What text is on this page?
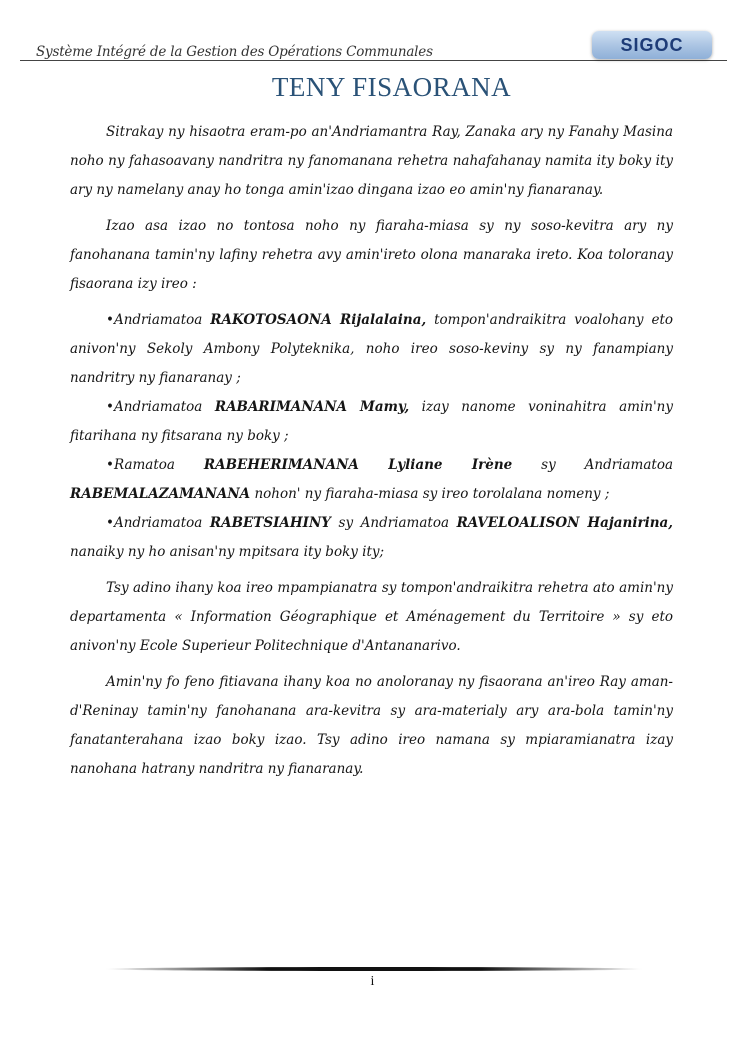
Système Intégré de la Gestion des Opérations Communales	SIGOC
TENY FISAORANA

Sitrakay ny hisaotra eram-po an'Andriamantra Ray, Zanaka ary ny Fanahy Masina noho ny fahasoavany nandritra ny fanomanana rehetra nahafahanay namita ity boky ity ary ny namelany anay ho tonga amin'izao dingana izao eo amin'ny fianaranay.

Izao asa izao no tontosa noho ny fiaraha-miasa sy ny soso-kevitra ary ny fanohanana tamin'ny lafiny rehetra avy amin'ireto olona manaraka ireto. Koa toloranay fisaorana izy ireo :

•Andriamatoa RAKOTOSAONA Rijalalaina, tompon'andraikitra voalohany eto anivon'ny Sekoly Ambony Polyteknika, noho ireo soso-keviny sy ny fanampiany nandritry ny fianaranay ;

•Andriamatoa RABARIMANANA Mamy, izay nanome voninahitra amin'ny fitarihana ny fitsarana ny boky ;

•Ramatoa RABEHERIMANANA Lyliane Irène sy Andriamatoa RABEMALAZAMANANA nohon' ny fiaraha-miasa sy ireo torolalana nomeny ;

•Andriamatoa RABETSIAHINY sy Andriamatoa RAVELOALISON Hajanirina, nanaiky ny ho anisan'ny mpitsara ity boky ity;

Tsy adino ihany koa ireo mpampianatra sy tompon'andraikitra rehetra ato amin'ny departamenta « Information Géographique et Aménagement du Territoire » sy eto anivon'ny Ecole Superieur Politechnique d'Antananarivo.

Amin'ny fo feno fitiavana ihany koa no anoloranay ny fisaorana an'ireo Ray aman-d'Reninay tamin'ny fanohanana ara-kevitra sy ara-materialy ary ara-bola tamin'ny fanatanterahana izao boky izao. Tsy adino ireo namana sy mpiaramianatra izay nanohana hatrany nandritra ny fianaranay.

i
